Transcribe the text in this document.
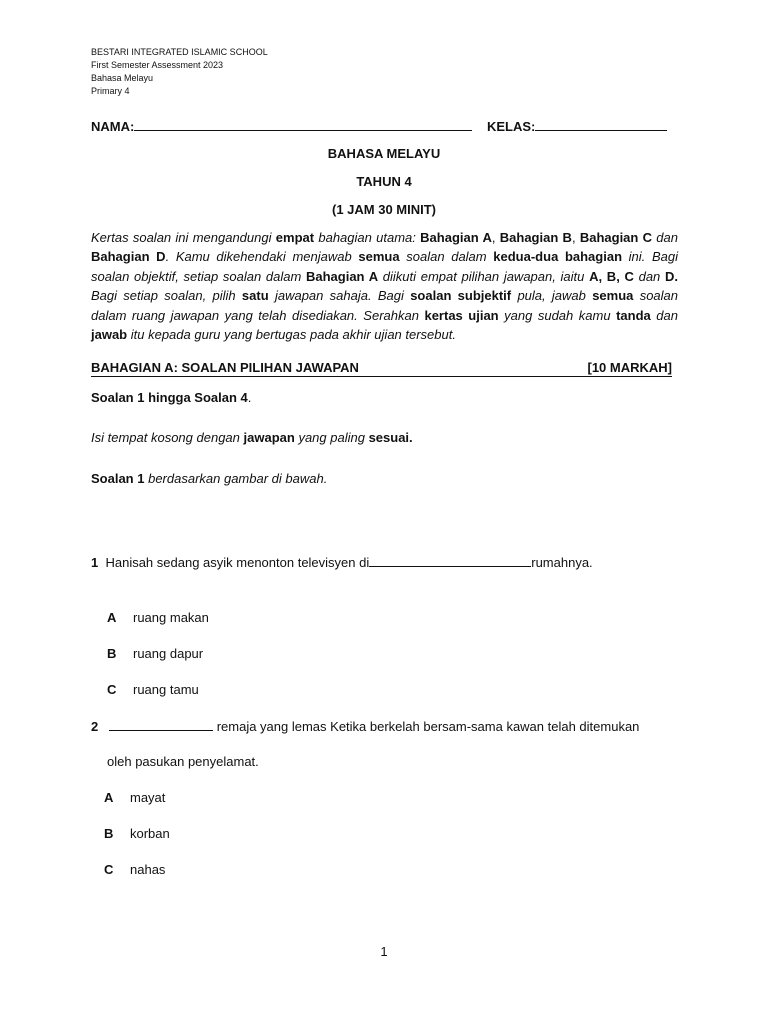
BESTARI INTEGRATED ISLAMIC SCHOOL
First Semester Assessment 2023
Bahasa Melayu
Primary 4
NAMA:	KELAS:
BAHASA MELAYU
TAHUN 4
(1 JAM 30 MINIT)
Kertas soalan ini mengandungi empat bahagian utama: Bahagian A, Bahagian B, Bahagian C dan Bahagian D. Kamu dikehendaki menjawab semua soalan dalam kedua-dua bahagian ini. Bagi soalan objektif, setiap soalan dalam Bahagian A diikuti empat pilihan jawapan, iaitu A, B, C dan D. Bagi setiap soalan, pilih satu jawapan sahaja. Bagi soalan subjektif pula, jawab semua soalan dalam ruang jawapan yang telah disediakan. Serahkan kertas ujian yang sudah kamu tanda dan jawab itu kepada guru yang bertugas pada akhir ujian tersebut.
BAHAGIAN A: SOALAN PILIHAN JAWAPAN	[10 MARKAH]
Soalan 1 hingga Soalan 4.
Isi tempat kosong dengan jawapan yang paling sesuai.
Soalan 1 berdasarkan gambar di bawah.
1 Hanisah sedang asyik menonton televisyen di	rumahnya.
A ruang makan
B ruang dapur
C ruang tamu
2	remaja yang lemas Ketika berkelah bersam-sama kawan telah ditemukan
oleh pasukan penyelamat.
A mayat
B korban
C nahas
1
